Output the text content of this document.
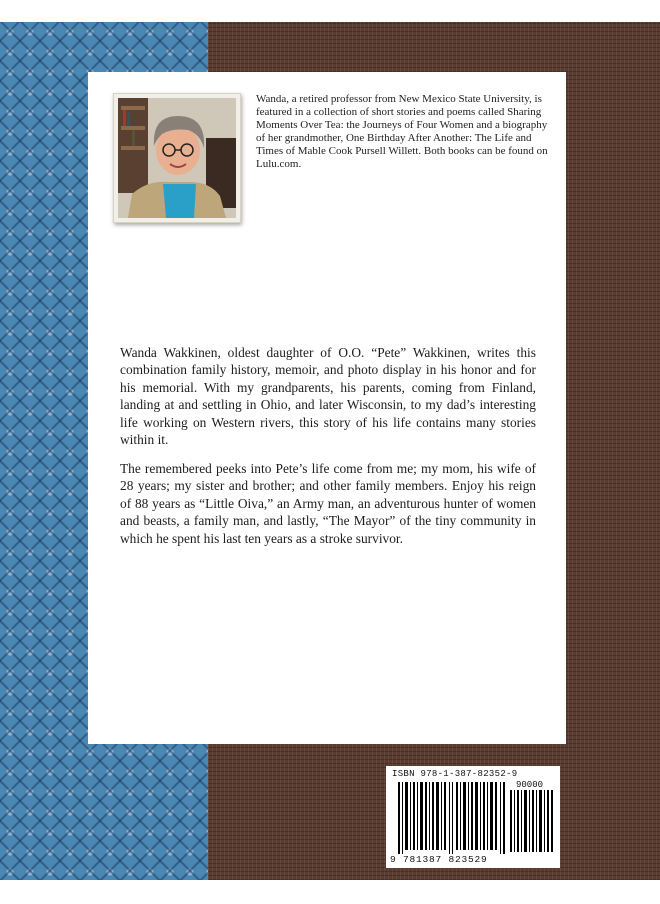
Wanda, a retired professor from New Mexico State University, is featured in a collection of short stories and poems called Sharing Moments Over Tea: the Journeys of Four Women and a biography of her grandmother, One Birthday After Another: The Life and Times of Mable Cook Pursell Willett. Both books can be found on Lulu.com.

Wanda Wakkinen, oldest daughter of O.O. “Pete” Wakkinen, writes this combination family history, memoir, and photo display in his honor and for his memorial. With my grandparents, his parents, coming from Finland, landing at and settling in Ohio, and later Wisconsin, to my dad’s interesting life working on Western rivers, this story of his life contains many stories within it.

The remembered peeks into Pete’s life come from me; my mom, his wife of 28 years; my sister and brother; and other family members. Enjoy his reign of 88 years as “Little Oiva,” an Army man, an adventurous hunter of women and beasts, a family man, and lastly, “The Mayor” of the tiny community in which he spent his last ten years as a stroke survivor.

ISBN 978-1-387-82352-9
90000
9 781387 823529
